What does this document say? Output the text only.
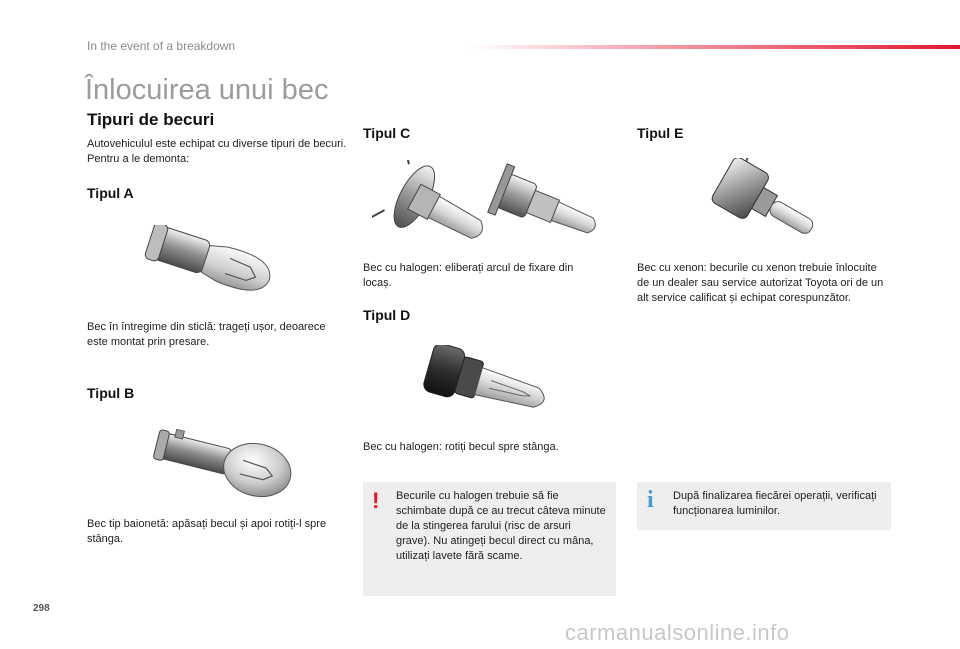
In the event of a breakdown
Înlocuirea unui bec
Tipuri de becuri
Autovehiculul este echipat cu diverse tipuri de becuri. Pentru a le demonta:
Tipul A
Bec în întregime din sticlă: trageți ușor, deoarece este montat prin presare.
Tipul B
Bec tip baionetă: apăsați becul și apoi rotiți-l spre stânga.
Tipul C
Bec cu halogen: eliberați arcul de fixare din locaș.
Tipul D
Bec cu halogen: rotiți becul spre stânga.
Tipul E
Bec cu xenon: becurile cu xenon trebuie înlocuite de un dealer sau service autorizat Toyota ori de un alt service calificat și echipat corespunzător.
! Becurile cu halogen trebuie să fie schimbate după ce au trecut câteva minute de la stingerea farului (risc de arsuri grave). Nu atingeți becul direct cu mâna, utilizați lavete fără scame.
i După finalizarea fiecărei operații, verificați funcționarea luminilor.
298
carmanualsonline.info
